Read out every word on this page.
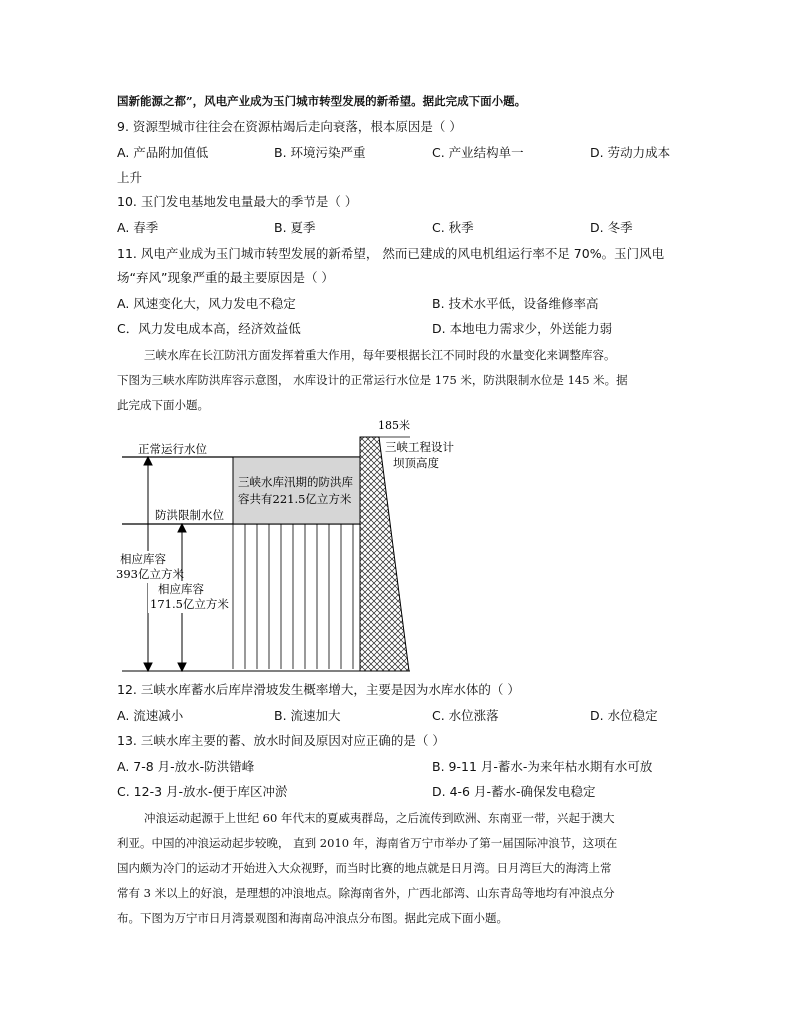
国新能源之都”，风电产业成为玉门城市转型发展的新希望。据此完成下面小题。
9. 资源型城市往往会在资源枯竭后走向衰落，根本原因是（ ）
A. 产品附加值低	B. 环境污染严重	C. 产业结构单一	D. 劳动力成本
上升
10. 玉门发电基地发电量最大的季节是（ ）
A. 春季	B. 夏季	C. 秋季	D. 冬季
11. 风电产业成为玉门城市转型发展的新希望， 然而已建成的风电机组运行率不足 70%。玉门风电
场“弃风”现象严重的最主要原因是（ ）
A. 风速变化大，风力发电不稳定	B. 技术水平低，设备维修率高
C．风力发电成本高，经济效益低	D. 本地电力需求少，外送能力弱
三峡水库在长江防汛方面发挥着重大作用，每年要根据长江不同时段的水量变化来调整库容。
下图为三峡水库防洪库容示意图， 水库设计的正常运行水位是 175 米，防洪限制水位是 145 米。据
此完成下面小题。
185米
三峡工程设计
坝顶高度
正常运行水位
防洪限制水位
三峡水库汛期的防洪库
容共有221.5亿立方米
相应库容
393亿立方米
相应库容
171.5亿立方米
12. 三峡水库蓄水后库岸滑坡发生概率增大，主要是因为水库水体的（ ）
A. 流速减小	B. 流速加大	C. 水位涨落	D. 水位稳定
13. 三峡水库主要的蓄、放水时间及原因对应正确的是（ ）
A. 7-8 月-放水-防洪错峰	B. 9-11 月-蓄水-为来年枯水期有水可放
C. 12-3 月-放水-便于库区冲淤	D. 4-6 月-蓄水-确保发电稳定
冲浪运动起源于上世纪 60 年代末的夏威夷群岛，之后流传到欧洲、东南亚一带，兴起于澳大
利亚。中国的冲浪运动起步较晚， 直到 2010 年，海南省万宁市举办了第一届国际冲浪节，这项在
国内颇为冷门的运动才开始进入大众视野，而当时比赛的地点就是日月湾。日月湾巨大的海湾上常
常有 3 米以上的好浪，是理想的冲浪地点。除海南省外，广西北部湾、山东青岛等地均有冲浪点分
布。下图为万宁市日月湾景观图和海南岛冲浪点分布图。据此完成下面小题。
